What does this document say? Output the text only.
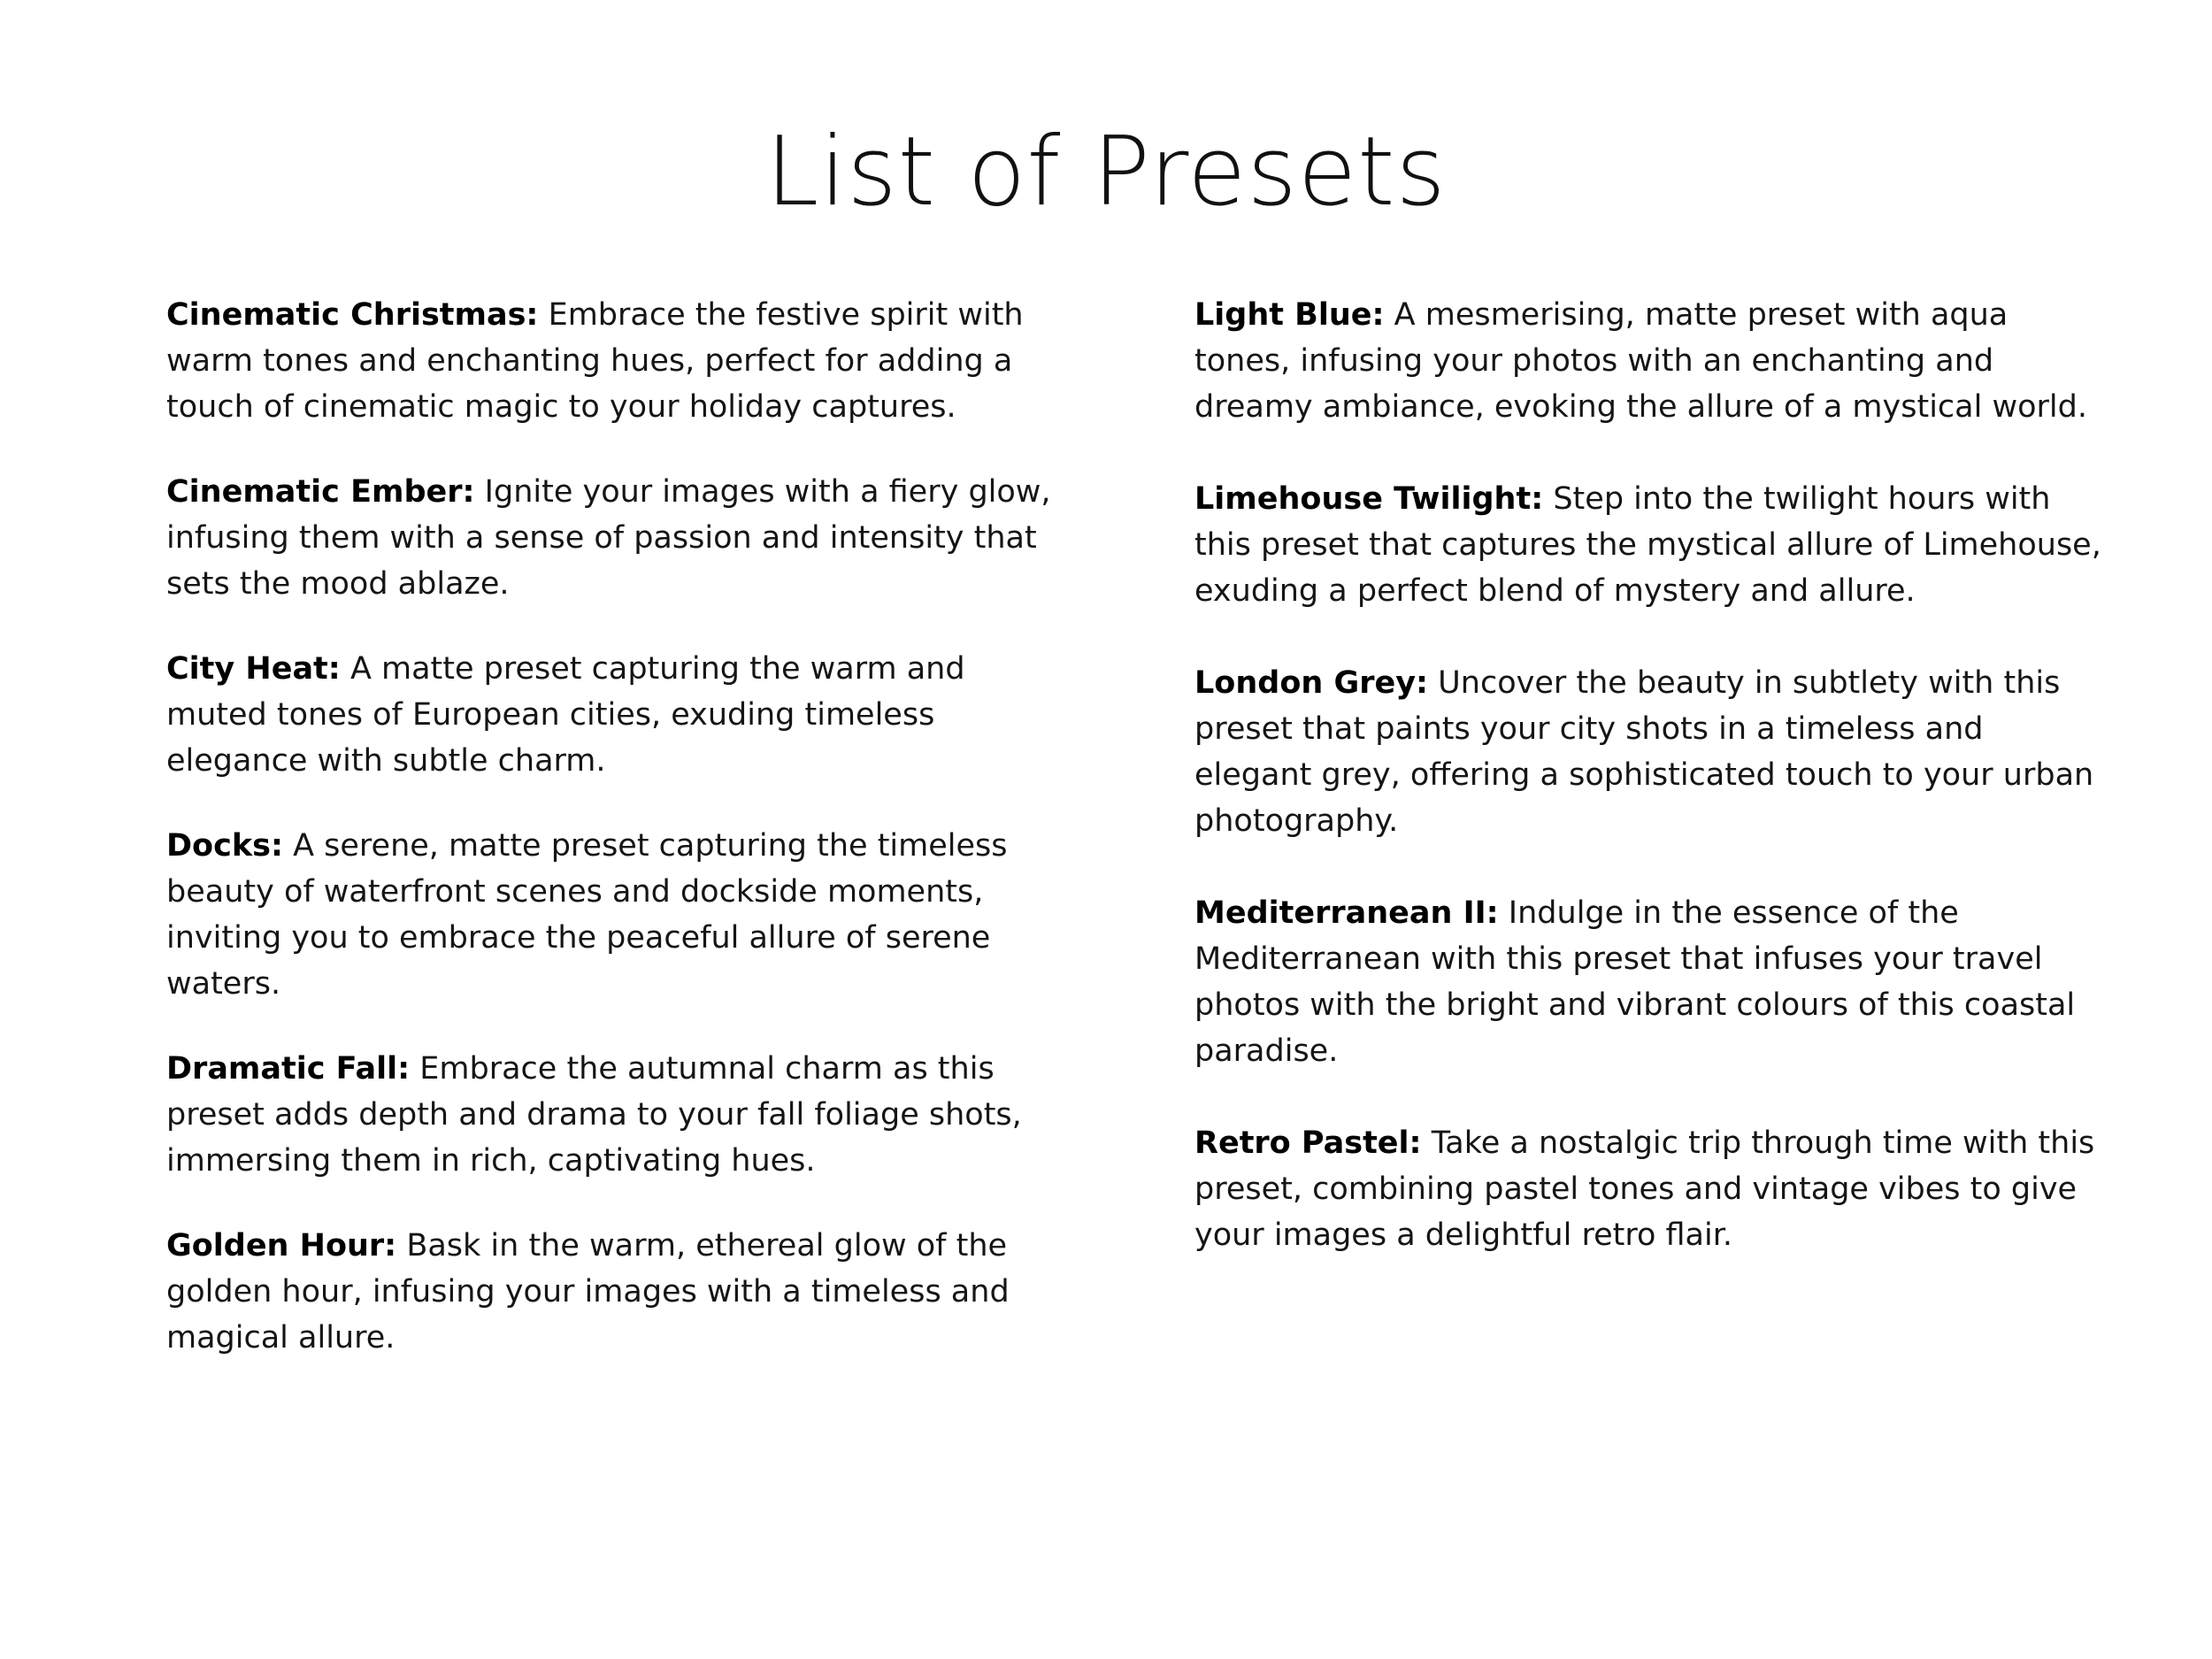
List of Presets

Cinematic Christmas: Embrace the festive spirit with warm tones and enchanting hues, perfect for adding a touch of cinematic magic to your holiday captures.

Cinematic Ember: Ignite your images with a fiery glow, infusing them with a sense of passion and intensity that sets the mood ablaze.

City Heat: A matte preset capturing the warm and muted tones of European cities, exuding timeless elegance with subtle charm.

Docks: A serene, matte preset capturing the timeless beauty of waterfront scenes and dockside moments, inviting you to embrace the peaceful allure of serene waters.

Dramatic Fall: Embrace the autumnal charm as this preset adds depth and drama to your fall foliage shots, immersing them in rich, captivating hues.

Golden Hour: Bask in the warm, ethereal glow of the golden hour, infusing your images with a timeless and magical allure.

Light Blue: A mesmerising, matte preset with aqua tones, infusing your photos with an enchanting and dreamy ambiance, evoking the allure of a mystical world.

Limehouse Twilight: Step into the twilight hours with this preset that captures the mystical allure of Limehouse, exuding a perfect blend of mystery and allure.

London Grey: Uncover the beauty in subtlety with this preset that paints your city shots in a timeless and elegant grey, offering a sophisticated touch to your urban photography.

Mediterranean II: Indulge in the essence of the Mediterranean with this preset that infuses your travel photos with the bright and vibrant colours of this coastal paradise.

Retro Pastel: Take a nostalgic trip through time with this preset, combining pastel tones and vintage vibes to give your images a delightful retro flair.
